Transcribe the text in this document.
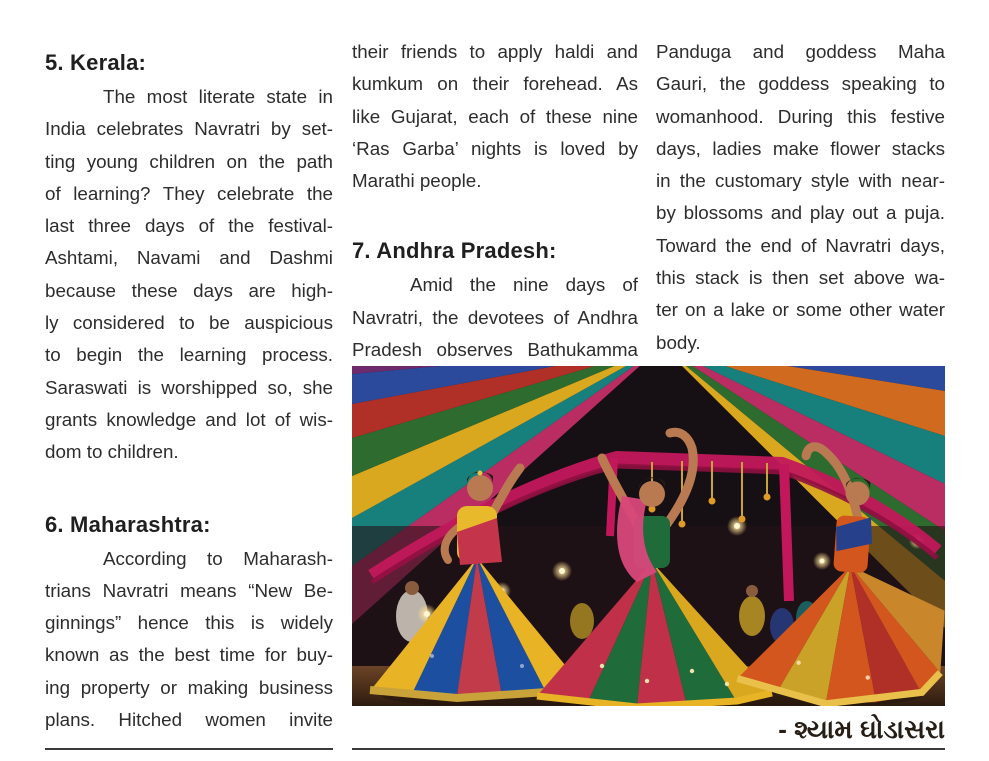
5. Kerala:
The most literate state in
India celebrates Navratri by set-
ting young children on the path
of learning? They celebrate the
last three days of the festival-
Ashtami, Navami and Dashmi
because these days are high-
ly considered to be auspicious
to begin the learning process.
Saraswati is worshipped so, she
grants knowledge and lot of wis-
dom to children.
6. Maharashtra:
According to Maharash-
trians Navratri means “New Be-
ginnings” hence this is widely
known as the best time for buy-
ing property or making business
plans. Hitched women invite
their friends to apply haldi and
kumkum on their forehead. As
like Gujarat, each of these nine
‘Ras Garba’ nights is loved by
Marathi people.
7. Andhra Pradesh:
Amid the nine days of
Navratri, the devotees of Andhra
Pradesh observes Bathukamma
Panduga and goddess Maha
Gauri, the goddess speaking to
womanhood. During this festive
days, ladies make flower stacks
in the customary style with near-
by blossoms and play out a puja.
Toward the end of Navratri days,
this stack is then set above wa-
ter on a lake or some other water
body.
- શ્યામ ઘોડાસરા
